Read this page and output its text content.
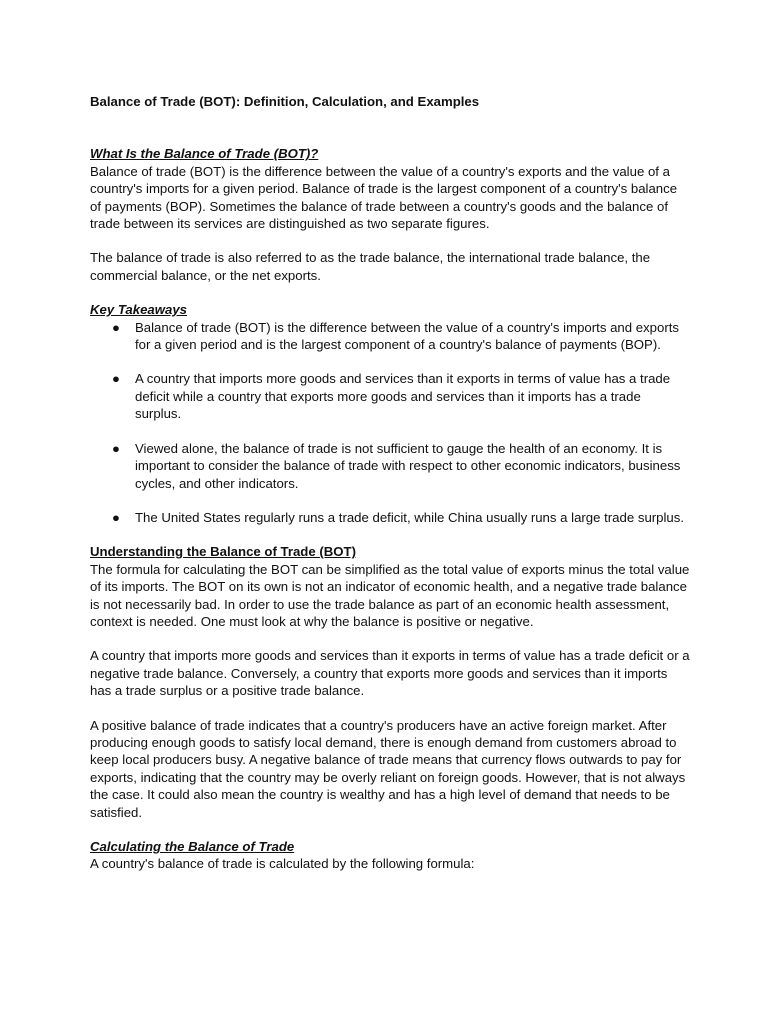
Balance of Trade (BOT): Definition, Calculation, and Examples

What Is the Balance of Trade (BOT)?

Balance of trade (BOT) is the difference between the value of a country's exports and the value of a country's imports for a given period. Balance of trade is the largest component of a country's balance of payments (BOP). Sometimes the balance of trade between a country's goods and the balance of trade between its services are distinguished as two separate figures.

The balance of trade is also referred to as the trade balance, the international trade balance, the commercial balance, or the net exports.

Key Takeaways

● Balance of trade (BOT) is the difference between the value of a country's imports and exports for a given period and is the largest component of a country's balance of payments (BOP).
● A country that imports more goods and services than it exports in terms of value has a trade deficit while a country that exports more goods and services than it imports has a trade surplus.
● Viewed alone, the balance of trade is not sufficient to gauge the health of an economy. It is important to consider the balance of trade with respect to other economic indicators, business cycles, and other indicators.
● The United States regularly runs a trade deficit, while China usually runs a large trade surplus.

Understanding the Balance of Trade (BOT)

The formula for calculating the BOT can be simplified as the total value of exports minus the total value of its imports. The BOT on its own is not an indicator of economic health, and a negative trade balance is not necessarily bad. In order to use the trade balance as part of an economic health assessment, context is needed. One must look at why the balance is positive or negative.

A country that imports more goods and services than it exports in terms of value has a trade deficit or a negative trade balance. Conversely, a country that exports more goods and services than it imports has a trade surplus or a positive trade balance.

A positive balance of trade indicates that a country's producers have an active foreign market. After producing enough goods to satisfy local demand, there is enough demand from customers abroad to keep local producers busy. A negative balance of trade means that currency flows outwards to pay for exports, indicating that the country may be overly reliant on foreign goods. However, that is not always the case. It could also mean the country is wealthy and has a high level of demand that needs to be satisfied.

Calculating the Balance of Trade

A country's balance of trade is calculated by the following formula:
